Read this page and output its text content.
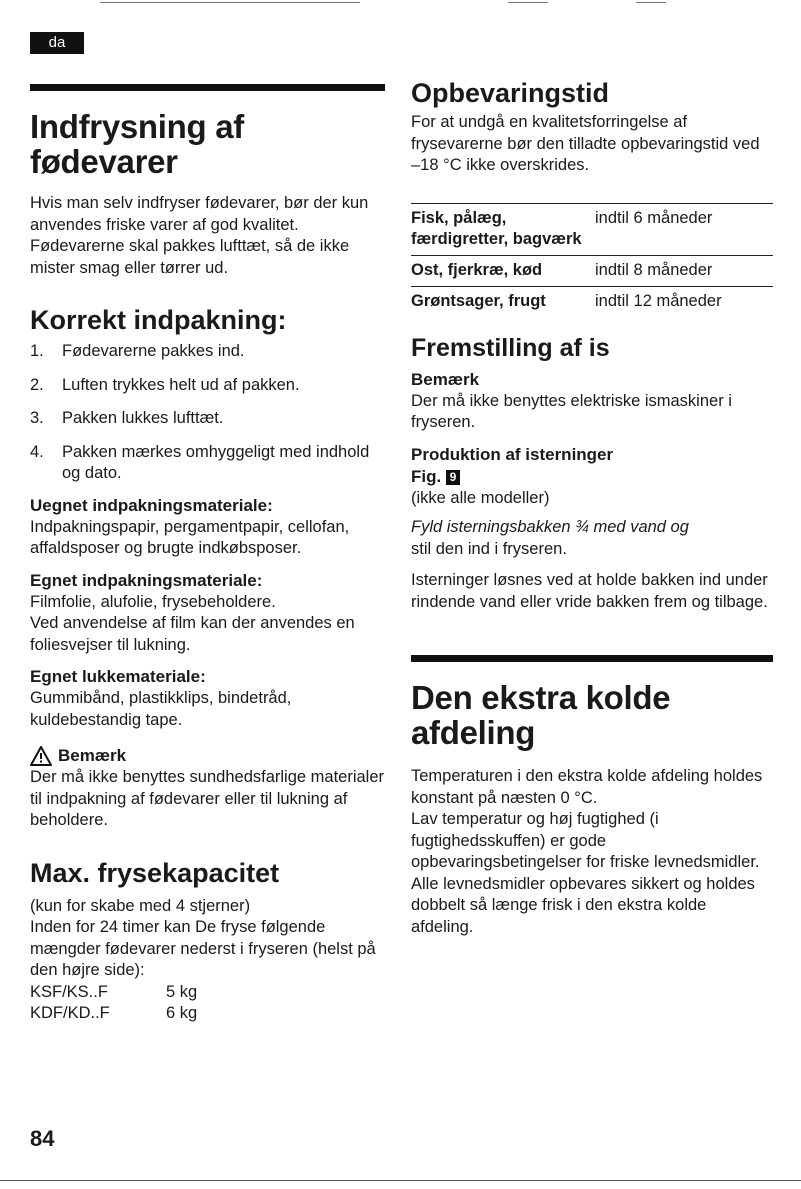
da
Indfrysning af
fødevarer

Hvis man selv indfryser fødevarer, bør der kun anvendes friske varer af god kvalitet. Fødevarerne skal pakkes lufttæt, så de ikke mister smag eller tørrer ud.

Korrekt indpakning:
1.	Fødevarerne pakkes ind.
2.	Luften trykkes helt ud af pakken.
3.	Pakken lukkes lufttæt.
4.	Pakken mærkes omhyggeligt med indhold og dato.
Uegnet indpakningsmateriale:

Indpakningspapir, pergamentpapir, cellofan, affaldsposer og brugte indkøbsposer.

Egnet indpakningsmateriale:

Filmfolie, alufolie, frysebeholdere.

Ved anvendelse af film kan der anvendes en foliesvejser til lukning.

Egnet lukkemateriale:

Gummibånd, plastikklips, bindetråd, kuldebestandig tape.

Bemærk

Der må ikke benyttes sundhedsfarlige materialer til indpakning af fødevarer eller til lukning af beholdere.

Max. frysekapacitet

(kun for skabe med 4 stjerner)

Inden for 24 timer kan De fryse følgende mængder fødevarer nederst i fryseren (helst på den højre side):

KSF/KS..F	5 kg
KDF/KD..F	6 kg
Opbevaringstid

For at undgå en kvalitetsforringelse af frysevarerne bør den tilladte opbevaringstid ved –18 °C ikke overskrides.

Fisk, pålæg, færdigretter, bagværk	indtil 6 måneder
Ost, fjerkræ, kød	indtil 8 måneder
Grøntsager, frugt	indtil 12 måneder
Fremstilling af is
Bemærk

Der må ikke benyttes elektriske ismaskiner i fryseren.

Produktion af isterninger
Fig. 9

(ikke alle modeller)

Fyld isterningsbakken ¾ med vand og

stil den ind i fryseren.

Isterninger løsnes ved at holde bakken ind under rindende vand eller vride bakken frem og tilbage.

Den ekstra kolde
afdeling

Temperaturen i den ekstra kolde afdeling holdes konstant på næsten 0 °C.

Lav temperatur og høj fugtighed (i fugtighedsskuffen) er gode opbevaringsbetingelser for friske levnedsmidler.

Alle levnedsmidler opbevares sikkert og holdes dobbelt så længe frisk i den ekstra kolde afdeling.

84
